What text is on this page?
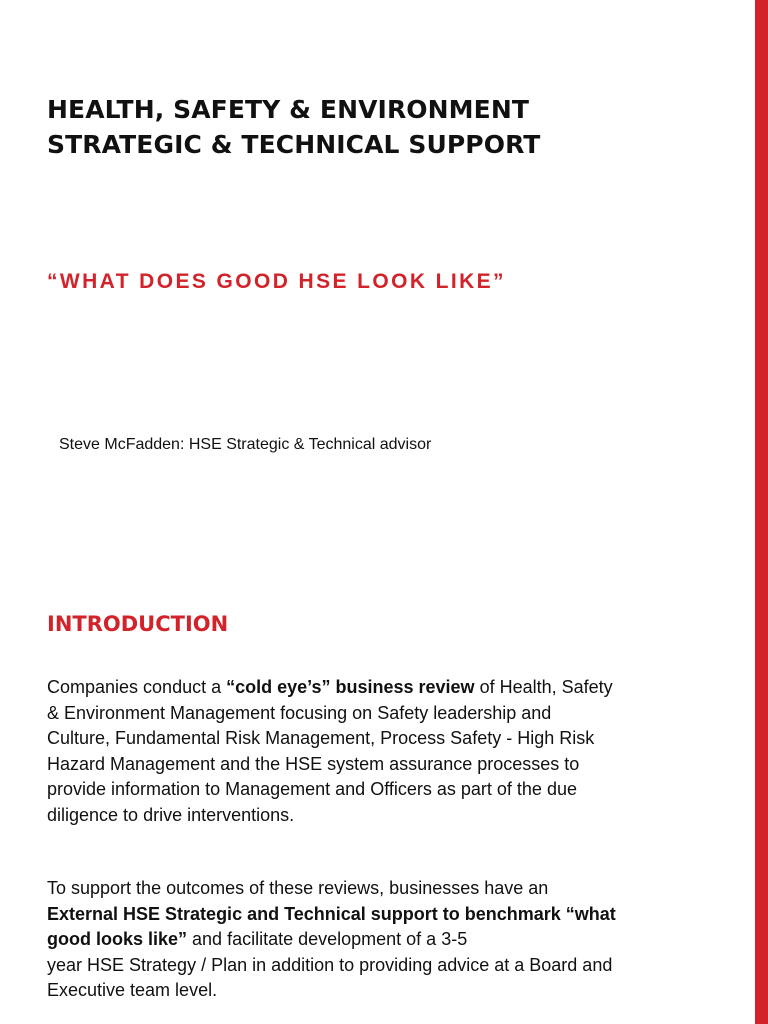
HEALTH, SAFETY & ENVIRONMENT
STRATEGIC & TECHNICAL SUPPORT
“WHAT DOES GOOD HSE LOOK LIKE”

Steve McFadden: HSE Strategic & Technical advisor

INTRODUCTION

Companies conduct a “cold eye’s” business review of Health, Safety
& Environment Management focusing on Safety leadership and
Culture, Fundamental Risk Management, Process Safety - High Risk
Hazard Management and the HSE system assurance processes to
provide information to Management and Officers as part of the due
diligence to drive interventions.

To support the outcomes of these reviews, businesses have an
External HSE Strategic and Technical support to benchmark “what
good looks like” and facilitate development of a 3-5
year HSE Strategy / Plan in addition to providing advice at a Board and
Executive team level.
